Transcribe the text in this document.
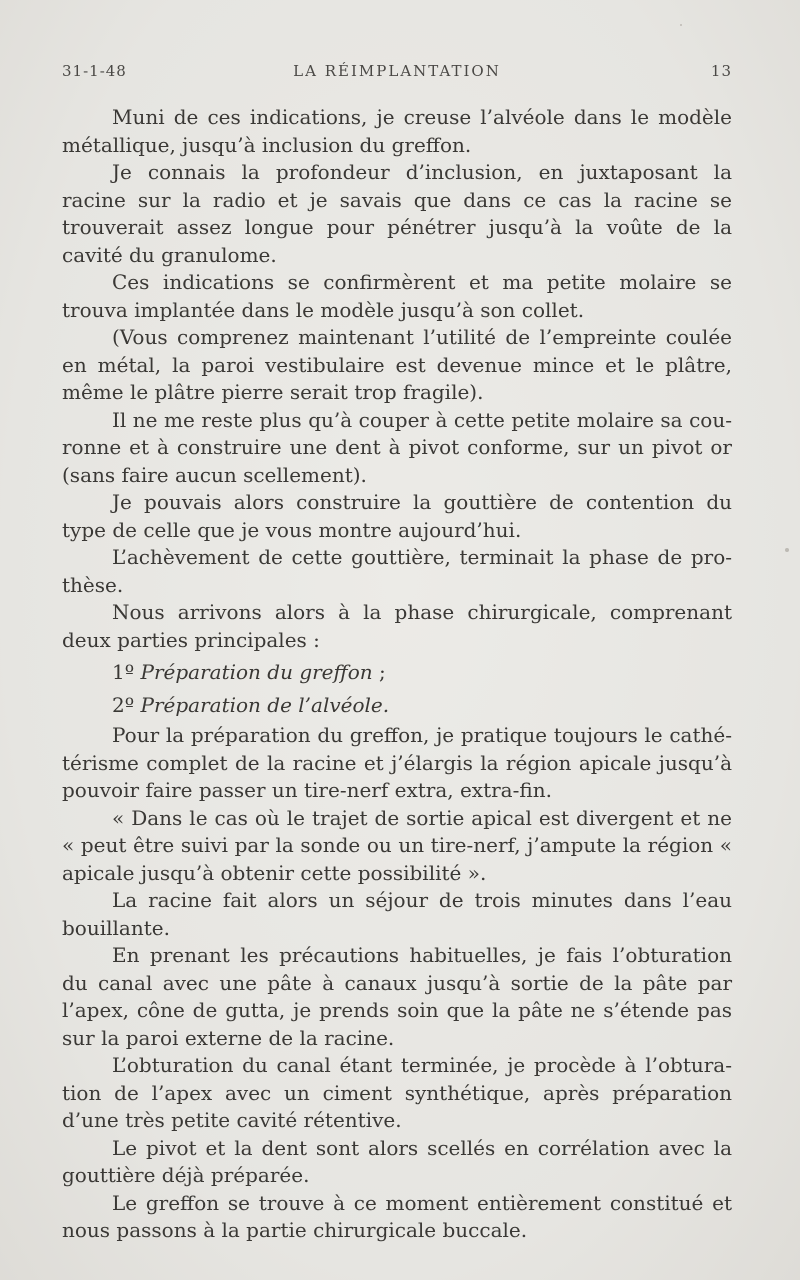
31-1-48	LA RÉIMPLANTATION	13

Muni de ces indications, je creuse l’alvéole dans le modèle métallique, jusqu’à inclusion du greffon.

Je connais la profondeur d’inclusion, en juxtaposant la racine sur la radio et je savais que dans ce cas la racine se trouverait assez longue pour pénétrer jusqu’à la voûte de la cavité du granulome.

Ces indications se confirmèrent et ma petite molaire se trouva implantée dans le modèle jusqu’à son collet.

(Vous comprenez maintenant l’utilité de l’empreinte coulée en métal, la paroi vestibulaire est devenue mince et le plâtre, même le plâtre pierre serait trop fragile).

Il ne me reste plus qu’à couper à cette petite molaire sa couronne et à construire une dent à pivot conforme, sur un pivot or (sans faire aucun scellement).

Je pouvais alors construire la gouttière de contention du type de celle que je vous montre aujourd’hui.

L’achèvement de cette gouttière, terminait la phase de prothèse.

Nous arrivons alors à la phase chirurgicale, comprenant deux parties principales :

1º Préparation du greffon ;

2º Préparation de l’alvéole.

Pour la préparation du greffon, je pratique toujours le cathétérisme complet de la racine et j’élargis la région apicale jusqu’à pouvoir faire passer un tire-nerf extra, extra-fin.

« Dans le cas où le trajet de sortie apical est divergent et ne « peut être suivi par la sonde ou un tire-nerf, j’ampute la région « apicale jusqu’à obtenir cette possibilité ».

La racine fait alors un séjour de trois minutes dans l’eau bouillante.

En prenant les précautions habituelles, je fais l’obturation du canal avec une pâte à canaux jusqu’à sortie de la pâte par l’apex, cône de gutta, je prends soin que la pâte ne s’étende pas sur la paroi externe de la racine.

L’obturation du canal étant terminée, je procède à l’obturation de l’apex avec un ciment synthétique, après préparation d’une très petite cavité rétentive.

Le pivot et la dent sont alors scellés en corrélation avec la gouttière déjà préparée.

Le greffon se trouve à ce moment entièrement constitué et nous passons à la partie chirurgicale buccale.
